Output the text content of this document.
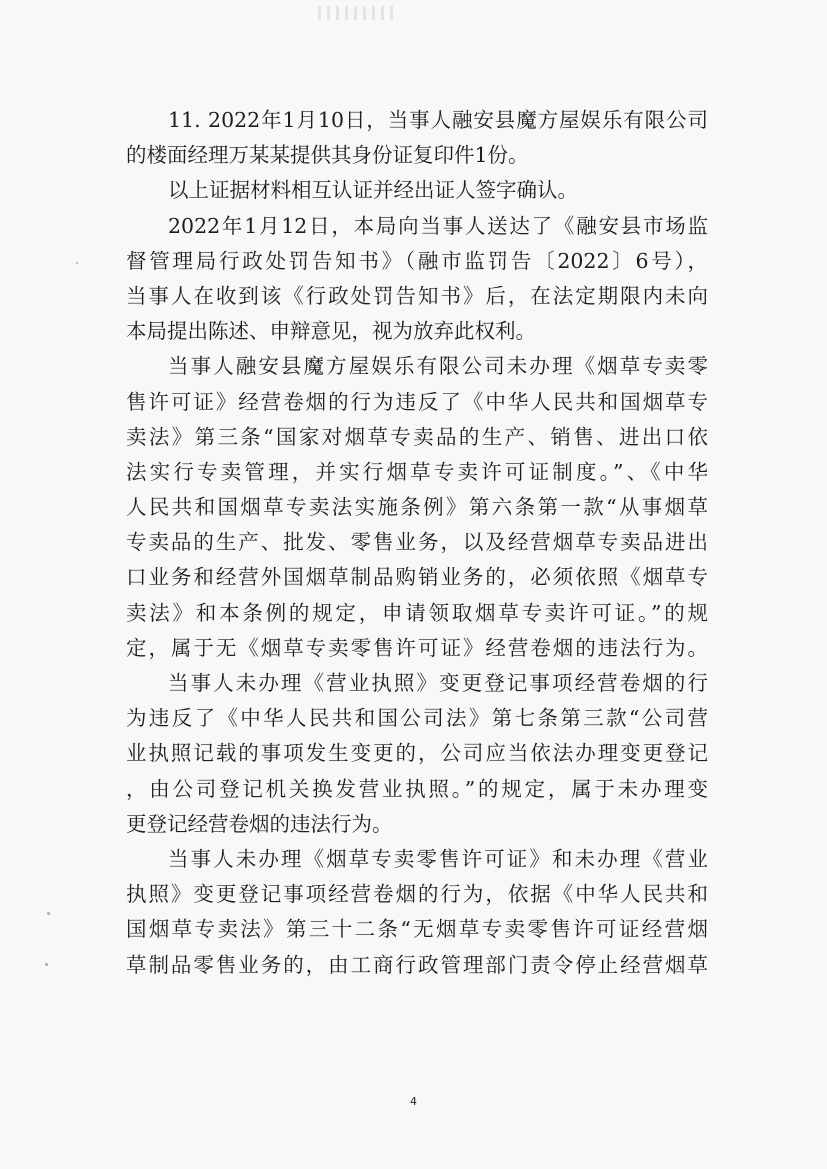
11. 2022年1月10日，当事人融安县魔方屋娱乐有限公司
的楼面经理万某某提供其身份证复印件1份。
以上证据材料相互认证并经出证人签字确认。
2022年1月12日，本局向当事人送达了《融安县市场监
督管理局行政处罚告知书》（融市监罚告〔2022〕6号），
当事人在收到该《行政处罚告知书》后，在法定期限内未向
本局提出陈述、申辩意见，视为放弃此权利。
当事人融安县魔方屋娱乐有限公司未办理《烟草专卖零
售许可证》经营卷烟的行为违反了《中华人民共和国烟草专
卖法》第三条“国家对烟草专卖品的生产、销售、进出口依
法实行专卖管理，并实行烟草专卖许可证制度。”、《中华
人民共和国烟草专卖法实施条例》第六条第一款“从事烟草
专卖品的生产、批发、零售业务，以及经营烟草专卖品进出
口业务和经营外国烟草制品购销业务的，必须依照《烟草专
卖法》和本条例的规定，申请领取烟草专卖许可证。”的规
定，属于无《烟草专卖零售许可证》经营卷烟的违法行为。
当事人未办理《营业执照》变更登记事项经营卷烟的行
为违反了《中华人民共和国公司法》第七条第三款“公司营
业执照记载的事项发生变更的，公司应当依法办理变更登记
，由公司登记机关换发营业执照。”的规定，属于未办理变
更登记经营卷烟的违法行为。
当事人未办理《烟草专卖零售许可证》和未办理《营业
执照》变更登记事项经营卷烟的行为，依据《中华人民共和
国烟草专卖法》第三十二条“无烟草专卖零售许可证经营烟
草制品零售业务的，由工商行政管理部门责令停止经营烟草
4
